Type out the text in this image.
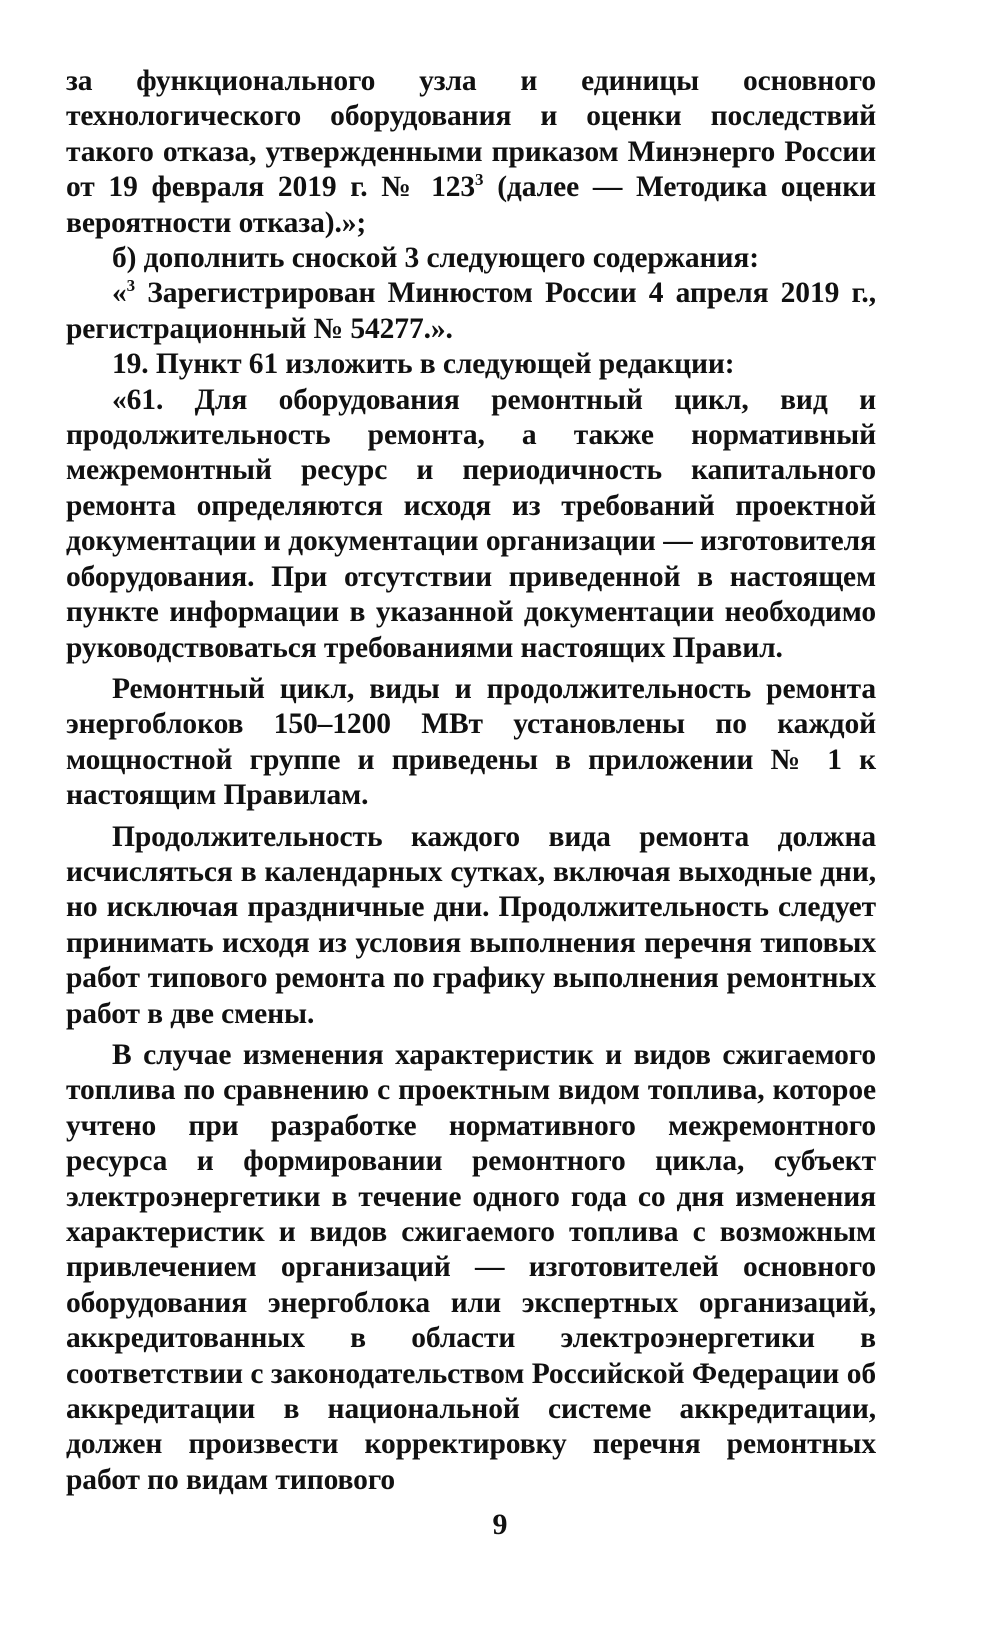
за функционального узла и единицы основного технологического оборудования и оценки последствий такого отказа, утвержденными приказом Минэнерго России от 19 февраля 2019 г. № $123^3$ (далее — Методика оценки вероятности отказа).»;

б) дополнить сноской 3 следующего содержания:

«$^3$ Зарегистрирован Минюстом России 4 апреля 2019 г., регистрационный № 54277.».

19. Пункт 61 изложить в следующей редакции:

«61. Для оборудования ремонтный цикл, вид и продолжительность ремонта, а также нормативный межремонтный ресурс и периодичность капитального ремонта определяются исходя из требований проектной документации и документации организации — изготовителя оборудования. При отсутствии приведенной в настоящем пункте информации в указанной документации необходимо руководствоваться требованиями настоящих Правил.

Ремонтный цикл, виды и продолжительность ремонта энергоблоков 150–1200 МВт установлены по каждой мощностной группе и приведены в приложении № 1 к настоящим Правилам.

Продолжительность каждого вида ремонта должна исчисляться в календарных сутках, включая выходные дни, но исключая праздничные дни. Продолжительность следует принимать исходя из условия выполнения перечня типовых работ типового ремонта по графику выполнения ремонтных работ в две смены.

В случае изменения характеристик и видов сжигаемого топлива по сравнению с проектным видом топлива, которое учтено при разработке нормативного межремонтного ресурса и формировании ремонтного цикла, субъект электроэнергетики в течение одного года со дня изменения характеристик и видов сжигаемого топлива с возможным привлечением организаций — изготовителей основного оборудования энергоблока или экспертных организаций, аккредитованных в области электроэнергетики в соответствии с законодательством Российской Федерации об аккредитации в национальной системе аккредитации, должен произвести корректировку перечня ремонтных работ по видам типового

9
